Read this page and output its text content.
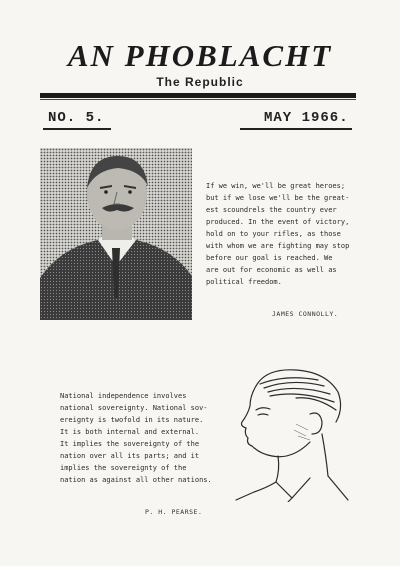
AN PHOBLACHT
The Republic
NO. 5.	MAY 1966.
If we win, we'll be great heroes;
but if we lose we'll be the great-
est scoundrels the country ever
produced. In the event of victory,
hold on to your rifles, as those
with whom we are fighting may stop
before our goal is reached. We
are out for economic as well as
political freedom.
JAMES CONNOLLY.
National independence involves
national sovereignty. National sov-
ereignty is twofold in its nature.
It is both internal and external.
It implies the sovereignty of the
nation over all its parts; and it
implies the sovereignty of the
nation as against all other nations.
P. H. PEARSE.
